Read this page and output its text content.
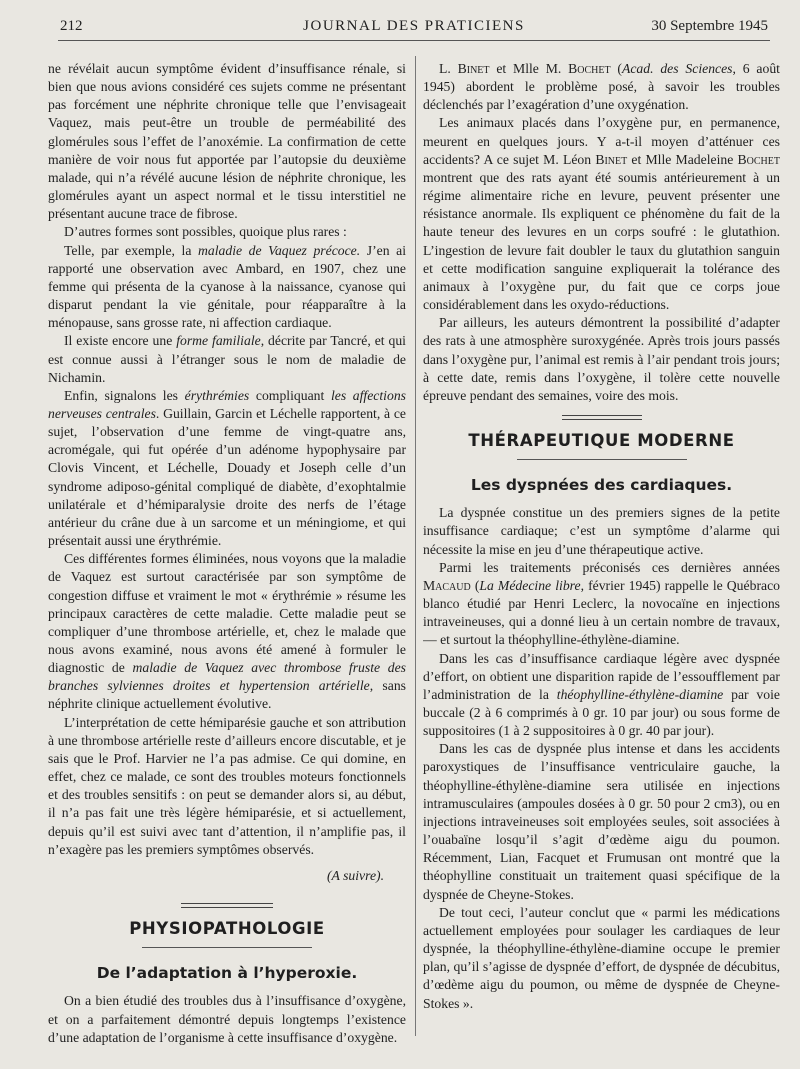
212	JOURNAL DES PRATICIENS	30 Septembre 1945

ne révélait aucun symptôme évident d’insuffisance rénale, si bien que nous avions considéré ces sujets comme ne présentant pas forcément une néphrite chronique telle que l’envisageait Vaquez, mais peut-être un trouble de perméabilité des glomérules sous l’effet de l’anoxémie. La confirmation de cette manière de voir nous fut apportée par l’autopsie du deuxième malade, qui n’a révélé aucune lésion de néphrite chronique, les glomérules ayant un aspect normal et le tissu interstitiel ne présentant aucune trace de fibrose.

D’autres formes sont possibles, quoique plus rares :

Telle, par exemple, la maladie de Vaquez précoce. J’en ai rapporté une observation avec Ambard, en 1907, chez une femme qui présenta de la cyanose à la naissance, cyanose qui disparut pendant la vie génitale, pour réapparaître à la ménopause, sans grosse rate, ni affection cardiaque.

Il existe encore une forme familiale, décrite par Tancré, et qui est connue aussi à l’étranger sous le nom de maladie de Nichamin.

Enfin, signalons les érythrémies compliquant les affections nerveuses centrales. Guillain, Garcin et Léchelle rapportent, à ce sujet, l’observation d’une femme de vingt-quatre ans, acromégale, qui fut opérée d’un adénome hypophysaire par Clovis Vincent, et Léchelle, Douady et Joseph celle d’un syndrome adiposo-génital compliqué de diabète, d’exophtalmie unilatérale et d’hémiparalysie droite des nerfs de l’étage antérieur du crâne due à un sarcome et un méningiome, et qui présentait aussi une érythrémie.

Ces différentes formes éliminées, nous voyons que la maladie de Vaquez est surtout caractérisée par son symptôme de congestion diffuse et vraiment le mot « érythrémie » résume les principaux caractères de cette maladie. Cette maladie peut se compliquer d’une thrombose artérielle, et, chez le malade que nous avons examiné, nous avons été amené à formuler le diagnostic de maladie de Vaquez avec thrombose fruste des branches sylviennes droites et hypertension artérielle, sans néphrite clinique actuellement évolutive.

L’interprétation de cette hémiparésie gauche et son attribution à une thrombose artérielle reste d’ailleurs encore discutable, et je sais que le Prof. Harvier ne l’a pas admise. Ce qui domine, en effet, chez ce malade, ce sont des troubles moteurs fonctionnels et des troubles sensitifs : on peut se demander alors si, au début, il n’a pas fait une très légère hémiparésie, et si actuellement, depuis qu’il est suivi avec tant d’attention, il n’amplifie pas, il n’exagère pas les premiers symptômes observés.

(A suivre).

PHYSIOPATHOLOGIE

De l’adaptation à l’hyperoxie.

On a bien étudié des troubles dus à l’insuffisance d’oxygène, et on a parfaitement démontré depuis longtemps l’existence d’une adaptation de l’organisme à cette insuffisance d’oxygène.

L. Binet et Mlle M. Bochet (Acad. des Sciences, 6 août 1945) abordent le problème posé, à savoir les troubles déclenchés par l’exagération d’une oxygénation.

Les animaux placés dans l’oxygène pur, en permanence, meurent en quelques jours. Y a-t-il moyen d’atténuer ces accidents? A ce sujet M. Léon Binet et Mlle Madeleine Bochet montrent que des rats ayant été soumis antérieurement à un régime alimentaire riche en levure, peuvent présenter une résistance anormale. Ils expliquent ce phénomène du fait de la haute teneur des levures en un corps soufré : le glutathion. L’ingestion de levure fait doubler le taux du glutathion sanguin et cette modification sanguine expliquerait la tolérance des animaux à l’oxygène pur, du fait que ce corps joue considérablement dans les oxydo-réductions.

Par ailleurs, les auteurs démontrent la possibilité d’adapter des rats à une atmosphère suroxygénée. Après trois jours passés dans l’oxygène pur, l’animal est remis à l’air pendant trois jours; à cette date, remis dans l’oxygène, il tolère cette nouvelle épreuve pendant des semaines, voire des mois.

THÉRAPEUTIQUE MODERNE

Les dyspnées des cardiaques.

La dyspnée constitue un des premiers signes de la petite insuffisance cardiaque; c’est un symptôme d’alarme qui nécessite la mise en jeu d’une thérapeutique active.

Parmi les traitements préconisés ces dernières années Macaud (La Médecine libre, février 1945) rappelle le Québraco blanco étudié par Henri Leclerc, la novocaïne en injections intraveineuses, qui a donné lieu à un certain nombre de travaux, — et surtout la théophylline-éthylène-diamine.

Dans les cas d’insuffisance cardiaque légère avec dyspnée d’effort, on obtient une disparition rapide de l’essoufflement par l’administration de la théophylline-éthylène-diamine par voie buccale (2 à 6 comprimés à 0 gr. 10 par jour) ou sous forme de suppositoires (1 à 2 suppositoires à 0 gr. 40 par jour).

Dans les cas de dyspnée plus intense et dans les accidents paroxystiques de l’insuffisance ventriculaire gauche, la théophylline-éthylène-diamine sera utilisée en injections intramusculaires (ampoules dosées à 0 gr. 50 pour 2 cm3), ou en injections intraveineuses soit employées seules, soit associées à l’ouabaïne losqu’il s’agit d’œdème aigu du poumon. Récemment, Lian, Facquet et Frumusan ont montré que la théophylline constituait un traitement quasi spécifique de la dyspnée de Cheyne-Stokes.

De tout ceci, l’auteur conclut que « parmi les médications actuellement employées pour soulager les cardiaques de leur dyspnée, la théophylline-éthylène-diamine occupe le premier plan, qu’il s’agisse de dyspnée d’effort, de dyspnée de décubitus, d’œdème aigu du poumon, ou même de dyspnée de Cheyne-Stokes ».
